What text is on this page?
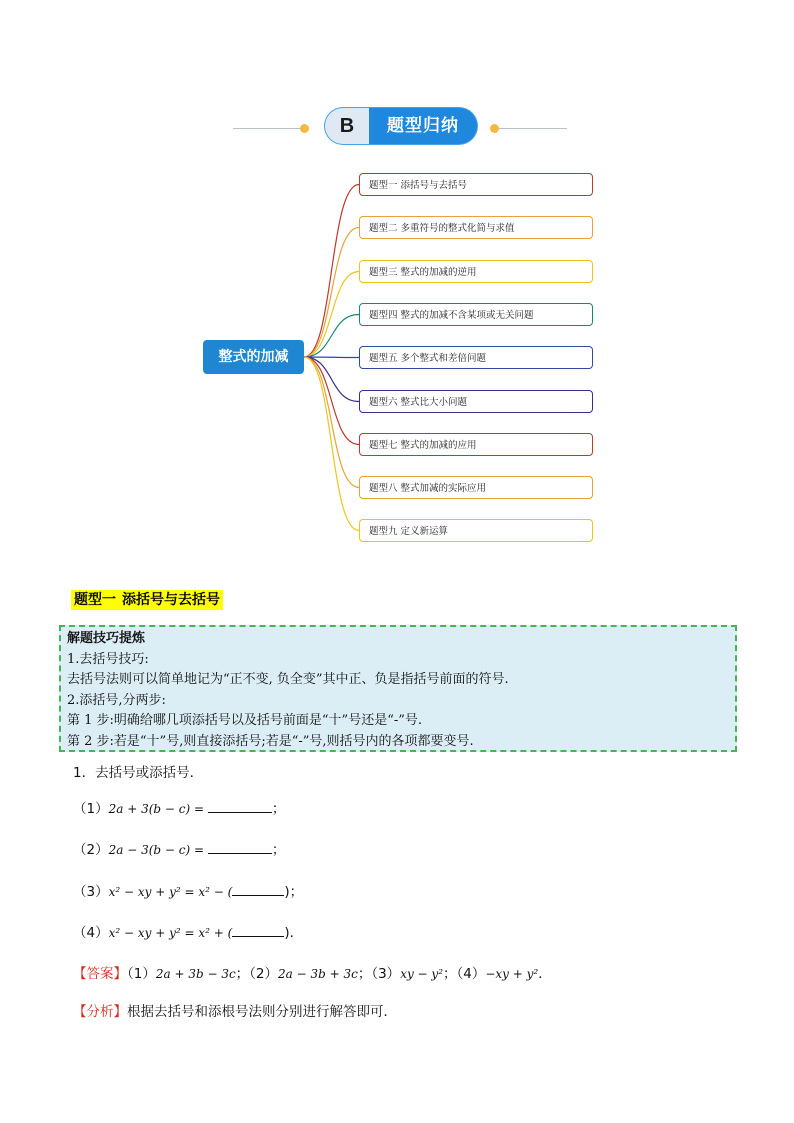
B	题型归纳
整式的加减
题型一 添括号与去括号
题型二 多重符号的整式化简与求值
题型三 整式的加减的逆用
题型四 整式的加减不含某项或无关问题
题型五 多个整式和差倍问题
题型六 整式比大小问题
题型七 整式的加减的应用
题型八 整式加减的实际应用
题型九 定义新运算
题型一 添括号与去括号
解题技巧提炼
1.去括号技巧:
去括号法则可以简单地记为“正不变, 负全变”其中正、负是指括号前面的符号.
2.添括号,分两步:
第 1 步:明确给哪几项添括号以及括号前面是“十”号还是“-”号.
第 2 步:若是“十”号,则直接添括号;若是“-”号,则括号内的各项都要变号.
1．去括号或添括号．
（1）2a + 3(b − c) =	；
（2）2a − 3(b − c) =	；
（3）x² − xy + y² = x² − (	)；
（4）x² − xy + y² = x² + (	)．
【答案】（1）2a + 3b − 3c；（2）2a − 3b + 3c；（3）xy − y²；（4）−xy + y²．
【分析】根据去括号和添根号法则分别进行解答即可．
